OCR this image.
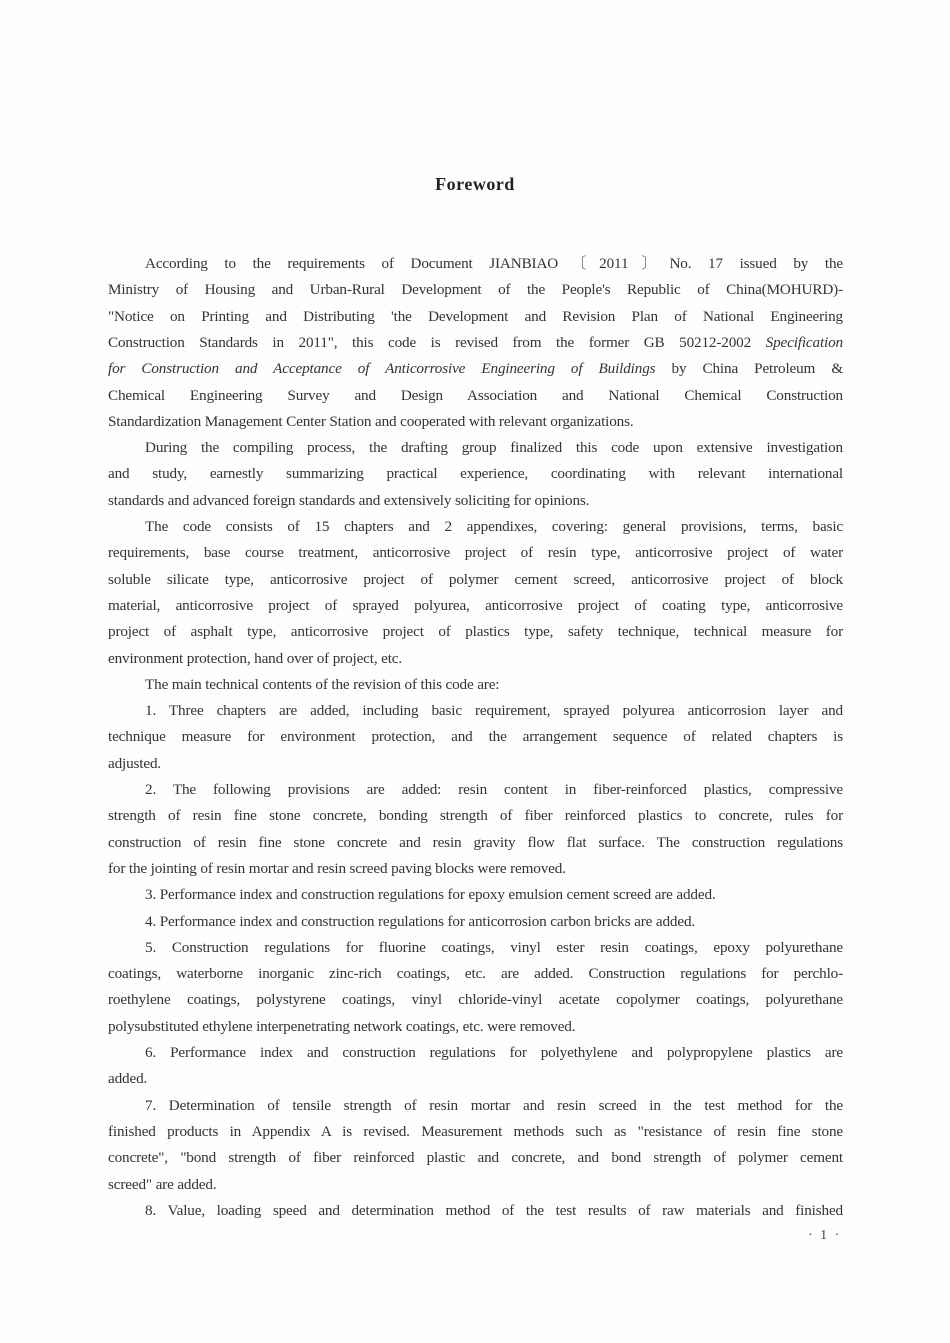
Foreword
According to the requirements of Document JIANBIAO〔2011〕No. 17 issued by the
Ministry of Housing and Urban-Rural Development of the People's Republic of China(MOHURD)-
"Notice on Printing and Distributing 'the Development and Revision Plan of National Engineering
Construction Standards in 2011", this code is revised from the former GB 50212-2002 Specification
for Construction and Acceptance of Anticorrosive Engineering of Buildings by China Petroleum &
Chemical Engineering Survey and Design Association and National Chemical Construction
Standardization Management Center Station and cooperated with relevant organizations.
During the compiling process, the drafting group finalized this code upon extensive investigation
and study, earnestly summarizing practical experience, coordinating with relevant international
standards and advanced foreign standards and extensively soliciting for opinions.
The code consists of 15 chapters and 2 appendixes, covering: general provisions, terms, basic
requirements, base course treatment, anticorrosive project of resin type, anticorrosive project of water
soluble silicate type, anticorrosive project of polymer cement screed, anticorrosive project of block
material, anticorrosive project of sprayed polyurea, anticorrosive project of coating type, anticorrosive
project of asphalt type, anticorrosive project of plastics type, safety technique, technical measure for
environment protection, hand over of project, etc.
The main technical contents of the revision of this code are:
1. Three chapters are added, including basic requirement, sprayed polyurea anticorrosion layer and
technique measure for environment protection, and the arrangement sequence of related chapters is
adjusted.
2. The following provisions are added: resin content in fiber-reinforced plastics, compressive
strength of resin fine stone concrete, bonding strength of fiber reinforced plastics to concrete, rules for
construction of resin fine stone concrete and resin gravity flow flat surface. The construction regulations
for the jointing of resin mortar and resin screed paving blocks were removed.
3. Performance index and construction regulations for epoxy emulsion cement screed are added.
4. Performance index and construction regulations for anticorrosion carbon bricks are added.
5. Construction regulations for fluorine coatings, vinyl ester resin coatings, epoxy polyurethane
coatings, waterborne inorganic zinc-rich coatings, etc. are added. Construction regulations for perchlo-
roethylene coatings, polystyrene coatings, vinyl chloride-vinyl acetate copolymer coatings, polyurethane
polysubstituted ethylene interpenetrating network coatings, etc. were removed.
6. Performance index and construction regulations for polyethylene and polypropylene plastics are
added.
7. Determination of tensile strength of resin mortar and resin screed in the test method for the
finished products in Appendix A is revised. Measurement methods such as "resistance of resin fine stone
concrete", "bond strength of fiber reinforced plastic and concrete, and bond strength of polymer cement
screed" are added.
8. Value, loading speed and determination method of the test results of raw materials and finished
· 1 ·
